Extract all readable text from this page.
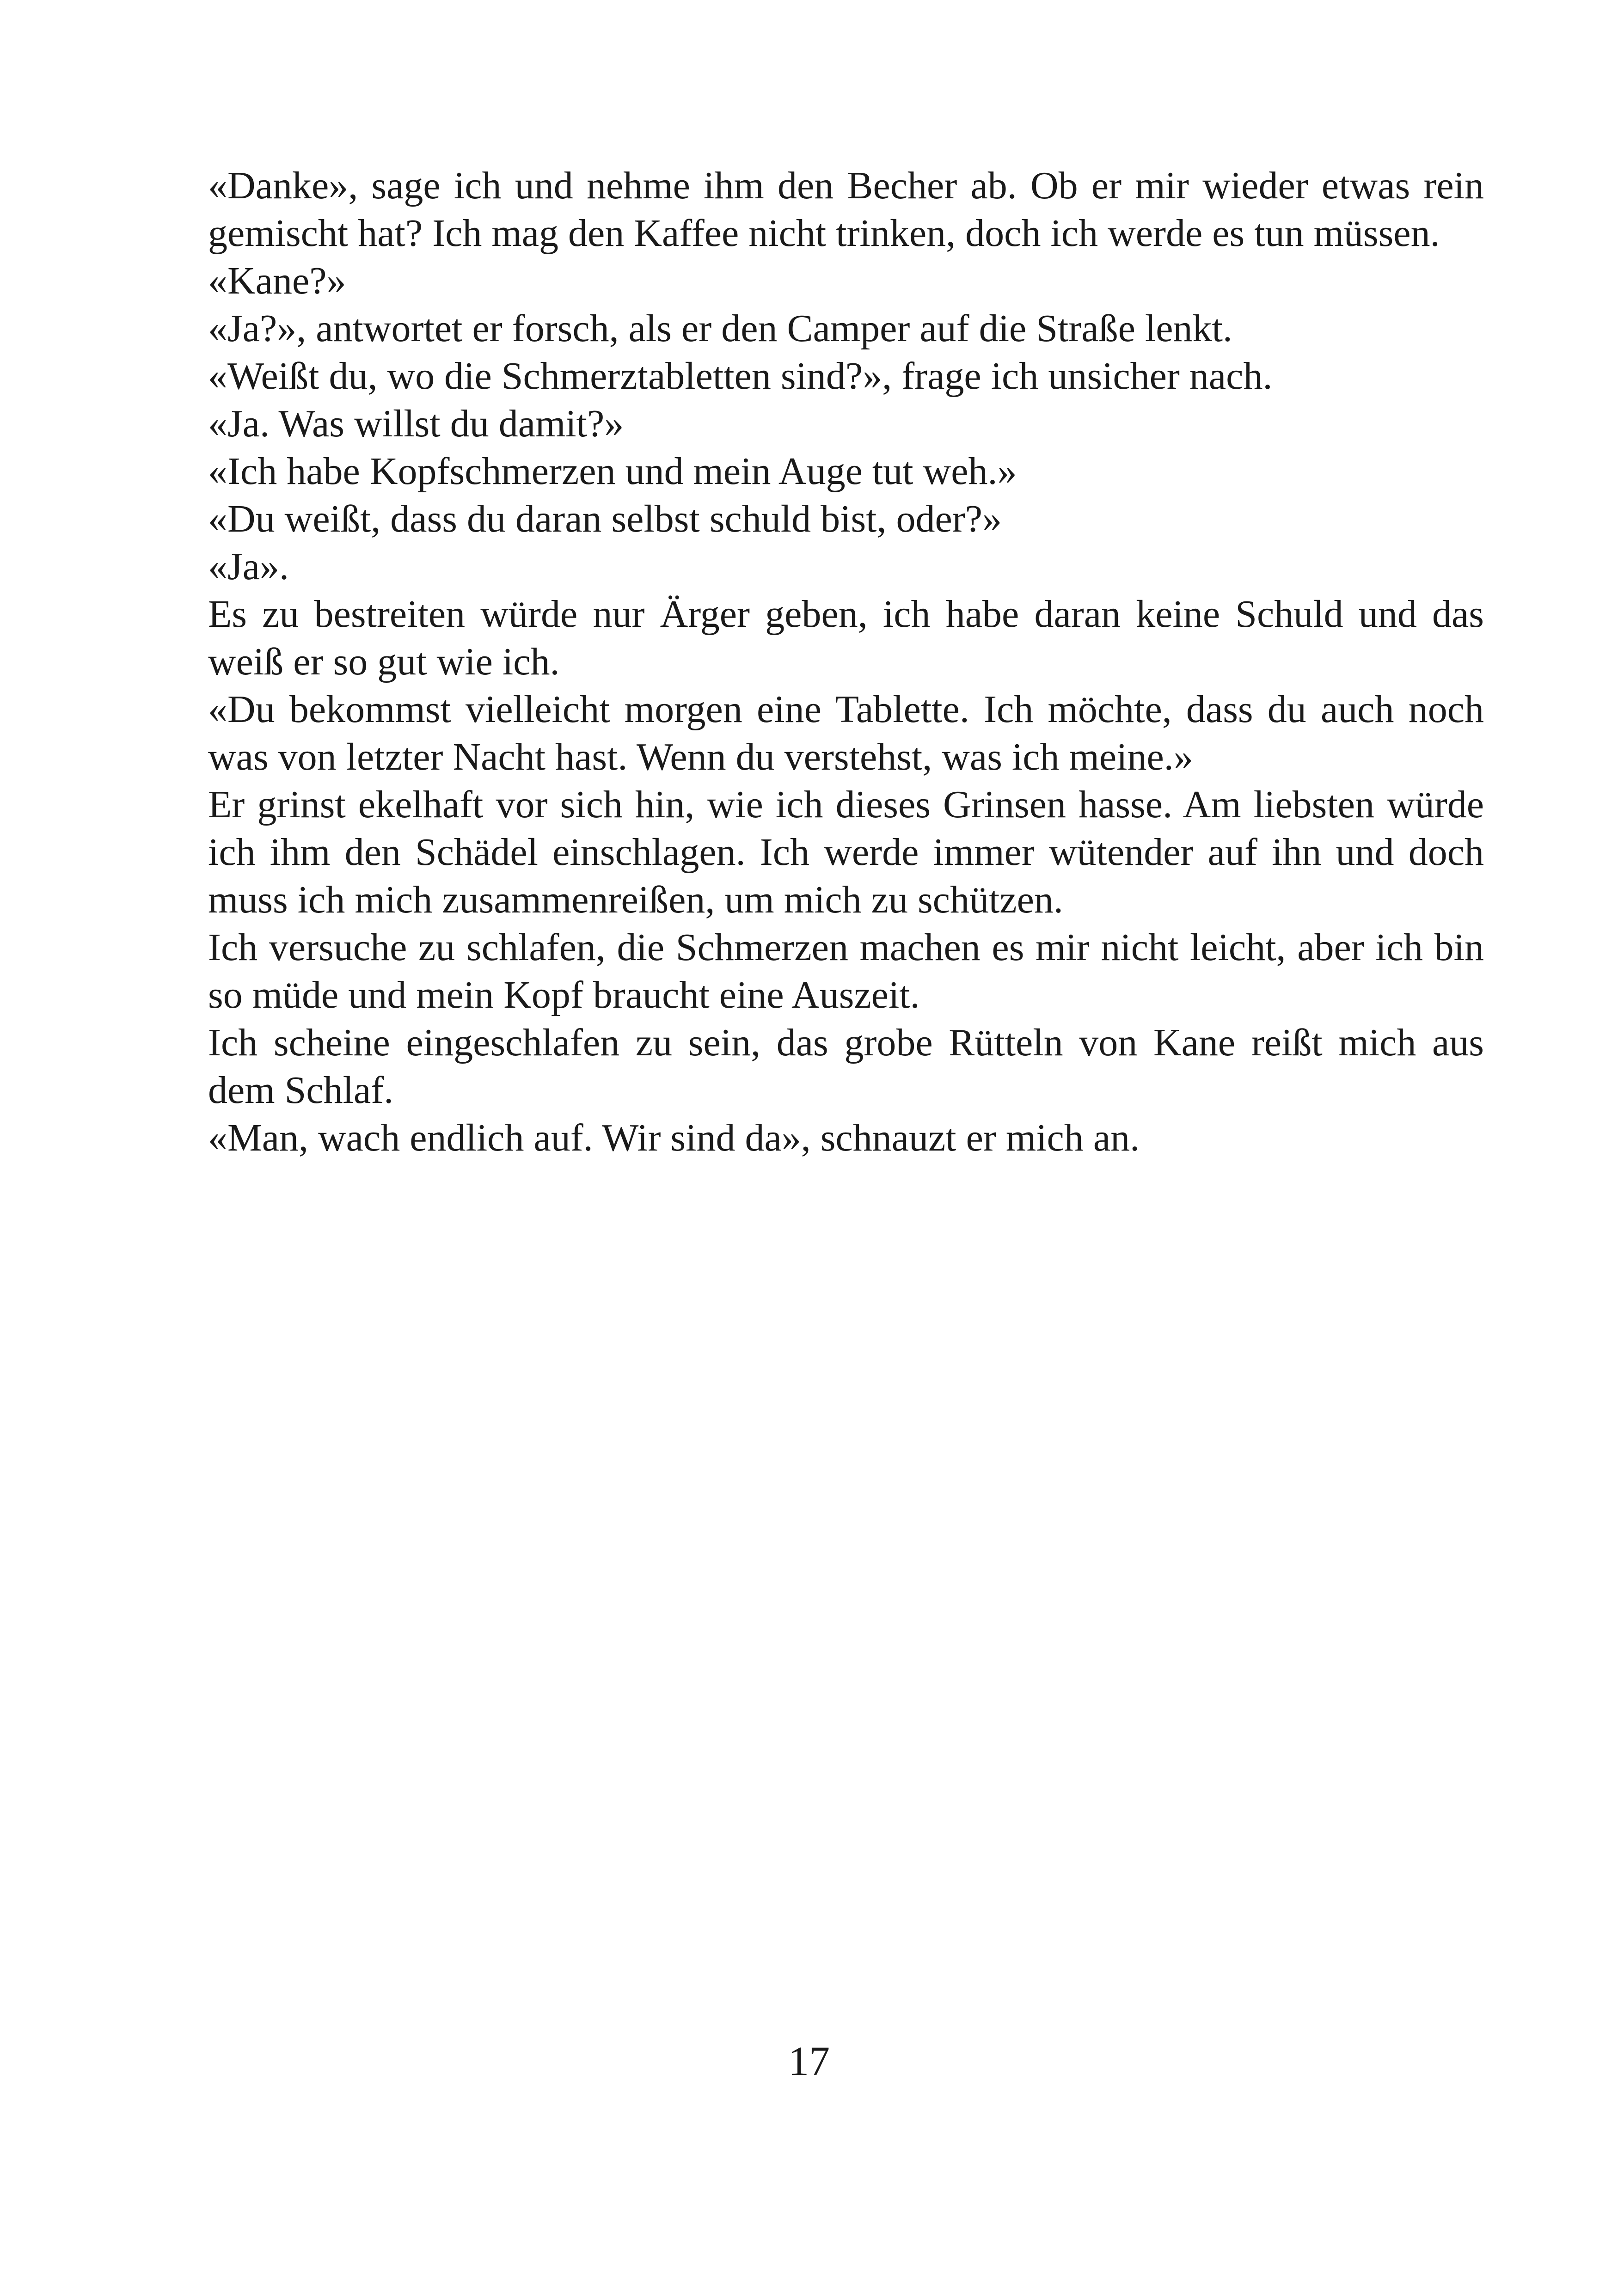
«Danke», sage ich und nehme ihm den Becher ab. Ob er mir wieder etwas rein gemischt hat? Ich mag den Kaffee nicht trinken, doch ich werde es tun müssen.

«Kane?»

«Ja?», antwortet er forsch, als er den Camper auf die Straße lenkt.

«Weißt du, wo die Schmerztabletten sind?», frage ich unsicher nach.

«Ja. Was willst du damit?»

«Ich habe Kopfschmerzen und mein Auge tut weh.»

«Du weißt, dass du daran selbst schuld bist, oder?»

«Ja».

Es zu bestreiten würde nur Ärger geben, ich habe daran keine Schuld und das weiß er so gut wie ich.

«Du bekommst vielleicht morgen eine Tablette. Ich möchte, dass du auch noch was von letzter Nacht hast. Wenn du verstehst, was ich meine.»

Er grinst ekelhaft vor sich hin, wie ich dieses Grinsen hasse. Am liebsten würde ich ihm den Schädel einschlagen. Ich werde immer wütender auf ihn und doch muss ich mich zusammenreißen, um mich zu schützen.

Ich versuche zu schlafen, die Schmerzen machen es mir nicht leicht, aber ich bin so müde und mein Kopf braucht eine Auszeit.

Ich scheine eingeschlafen zu sein, das grobe Rütteln von Kane reißt mich aus dem Schlaf.

«Man, wach endlich auf. Wir sind da», schnauzt er mich an.

17
